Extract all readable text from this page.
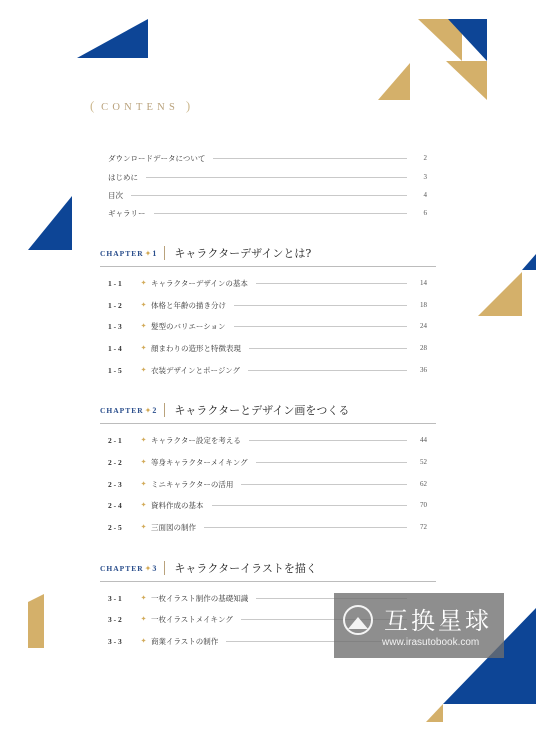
( CONTENS )
ダウンロードデータについて	2
はじめに	3
目次	4
ギャラリー	6
CHAPTER ✦ 1 キャラクターデザインとは?
1 - 1	✦ キャラクターデザインの基本	14
1 - 2	✦ 体格と年齢の描き分け	18
1 - 3	✦ 髪型のバリエーション	24
1 - 4	✦ 顔まわりの造形と特徴表現	28
1 - 5	✦ 衣装デザインとポージング	36
CHAPTER ✦ 2 キャラクターとデザイン画をつくる
2 - 1	✦ キャラクター設定を考える	44
2 - 2	✦ 等身キャラクターメイキング	52
2 - 3	✦ ミニキャラクターの活用	62
2 - 4	✦ 資料作成の基本	70
2 - 5	✦ 三面図の制作	72
CHAPTER ✦ 3 キャラクターイラストを描く
3 - 1	✦ 一枚イラスト制作の基礎知識
3 - 2	✦ 一枚イラストメイキング
3 - 3	✦ 商業イラストの制作
互换星球
www.irasutobook.com
